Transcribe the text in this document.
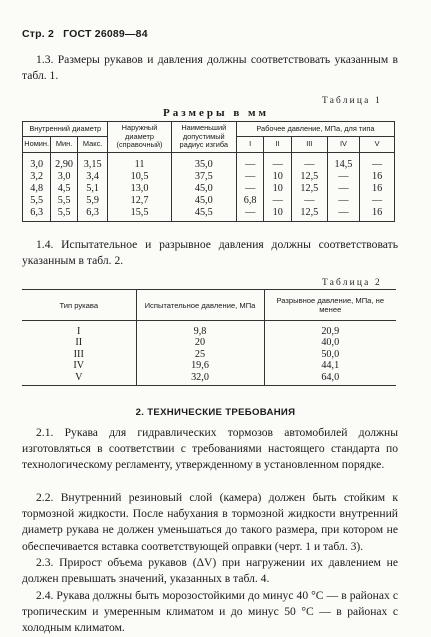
Стр. 2 ГОСТ 26089—84

1.3. Размеры рукавов и давления должны соответствовать указанным в табл. 1.

Таблица 1
Размеры в мм
Внутренний диаметр			Наружный диаметр (справочный)	Наименьший допустимый радиус изгиба	Рабочее давление, МПа, для типа				
Номин.	Мин.	Макс.			I	II	III	IV	V
3,0	2,90	3,15	11	35,0	—	—	—	14,5	—
3,2	3,0	3,4	10,5	37,5	—	10	12,5	—	16
4,8	4,5	5,1	13,0	45,0	—	10	12,5	—	16
5,5	5,5	5,9	12,7	45,0	6,8	—	—	—	—
6,3	5,5	6,3	15,5	45,5	—	10	12,5	—	16

1.4. Испытательное и разрывное давления должны соответствовать указанным в табл. 2.

Таблица 2
Тип рукава	Испытательное давление, МПа	Разрывное давление, МПа, не менее
I	9,8	20,9
II	20	40,0
III	25	50,0
IV	19,6	44,1
V	32,0	64,0
2. ТЕХНИЧЕСКИЕ ТРЕБОВАНИЯ

2.1. Рукава для гидравлических тормозов автомобилей должны изготовляться в соответствии с требованиями настоящего стандарта по технологическому регламенту, утвержденному в установленном порядке.

2.2. Внутренний резиновый слой (камера) должен быть стойким к тормозной жидкости. После набухания в тормозной жидкости внутренний диаметр рукава не должен уменьшаться до такого размера, при котором не обеспечивается вставка соответствующей оправки (черт. 1 и табл. 3).

2.3. Прирост объема рукавов (ΔV) при нагружении их давлением не должен превышать значений, указанных в табл. 4.

2.4. Рукава должны быть морозостойкими до минус 40 °С — в районах с тропическим и умеренным климатом и до минус 50 °С — в районах с холодным климатом.
